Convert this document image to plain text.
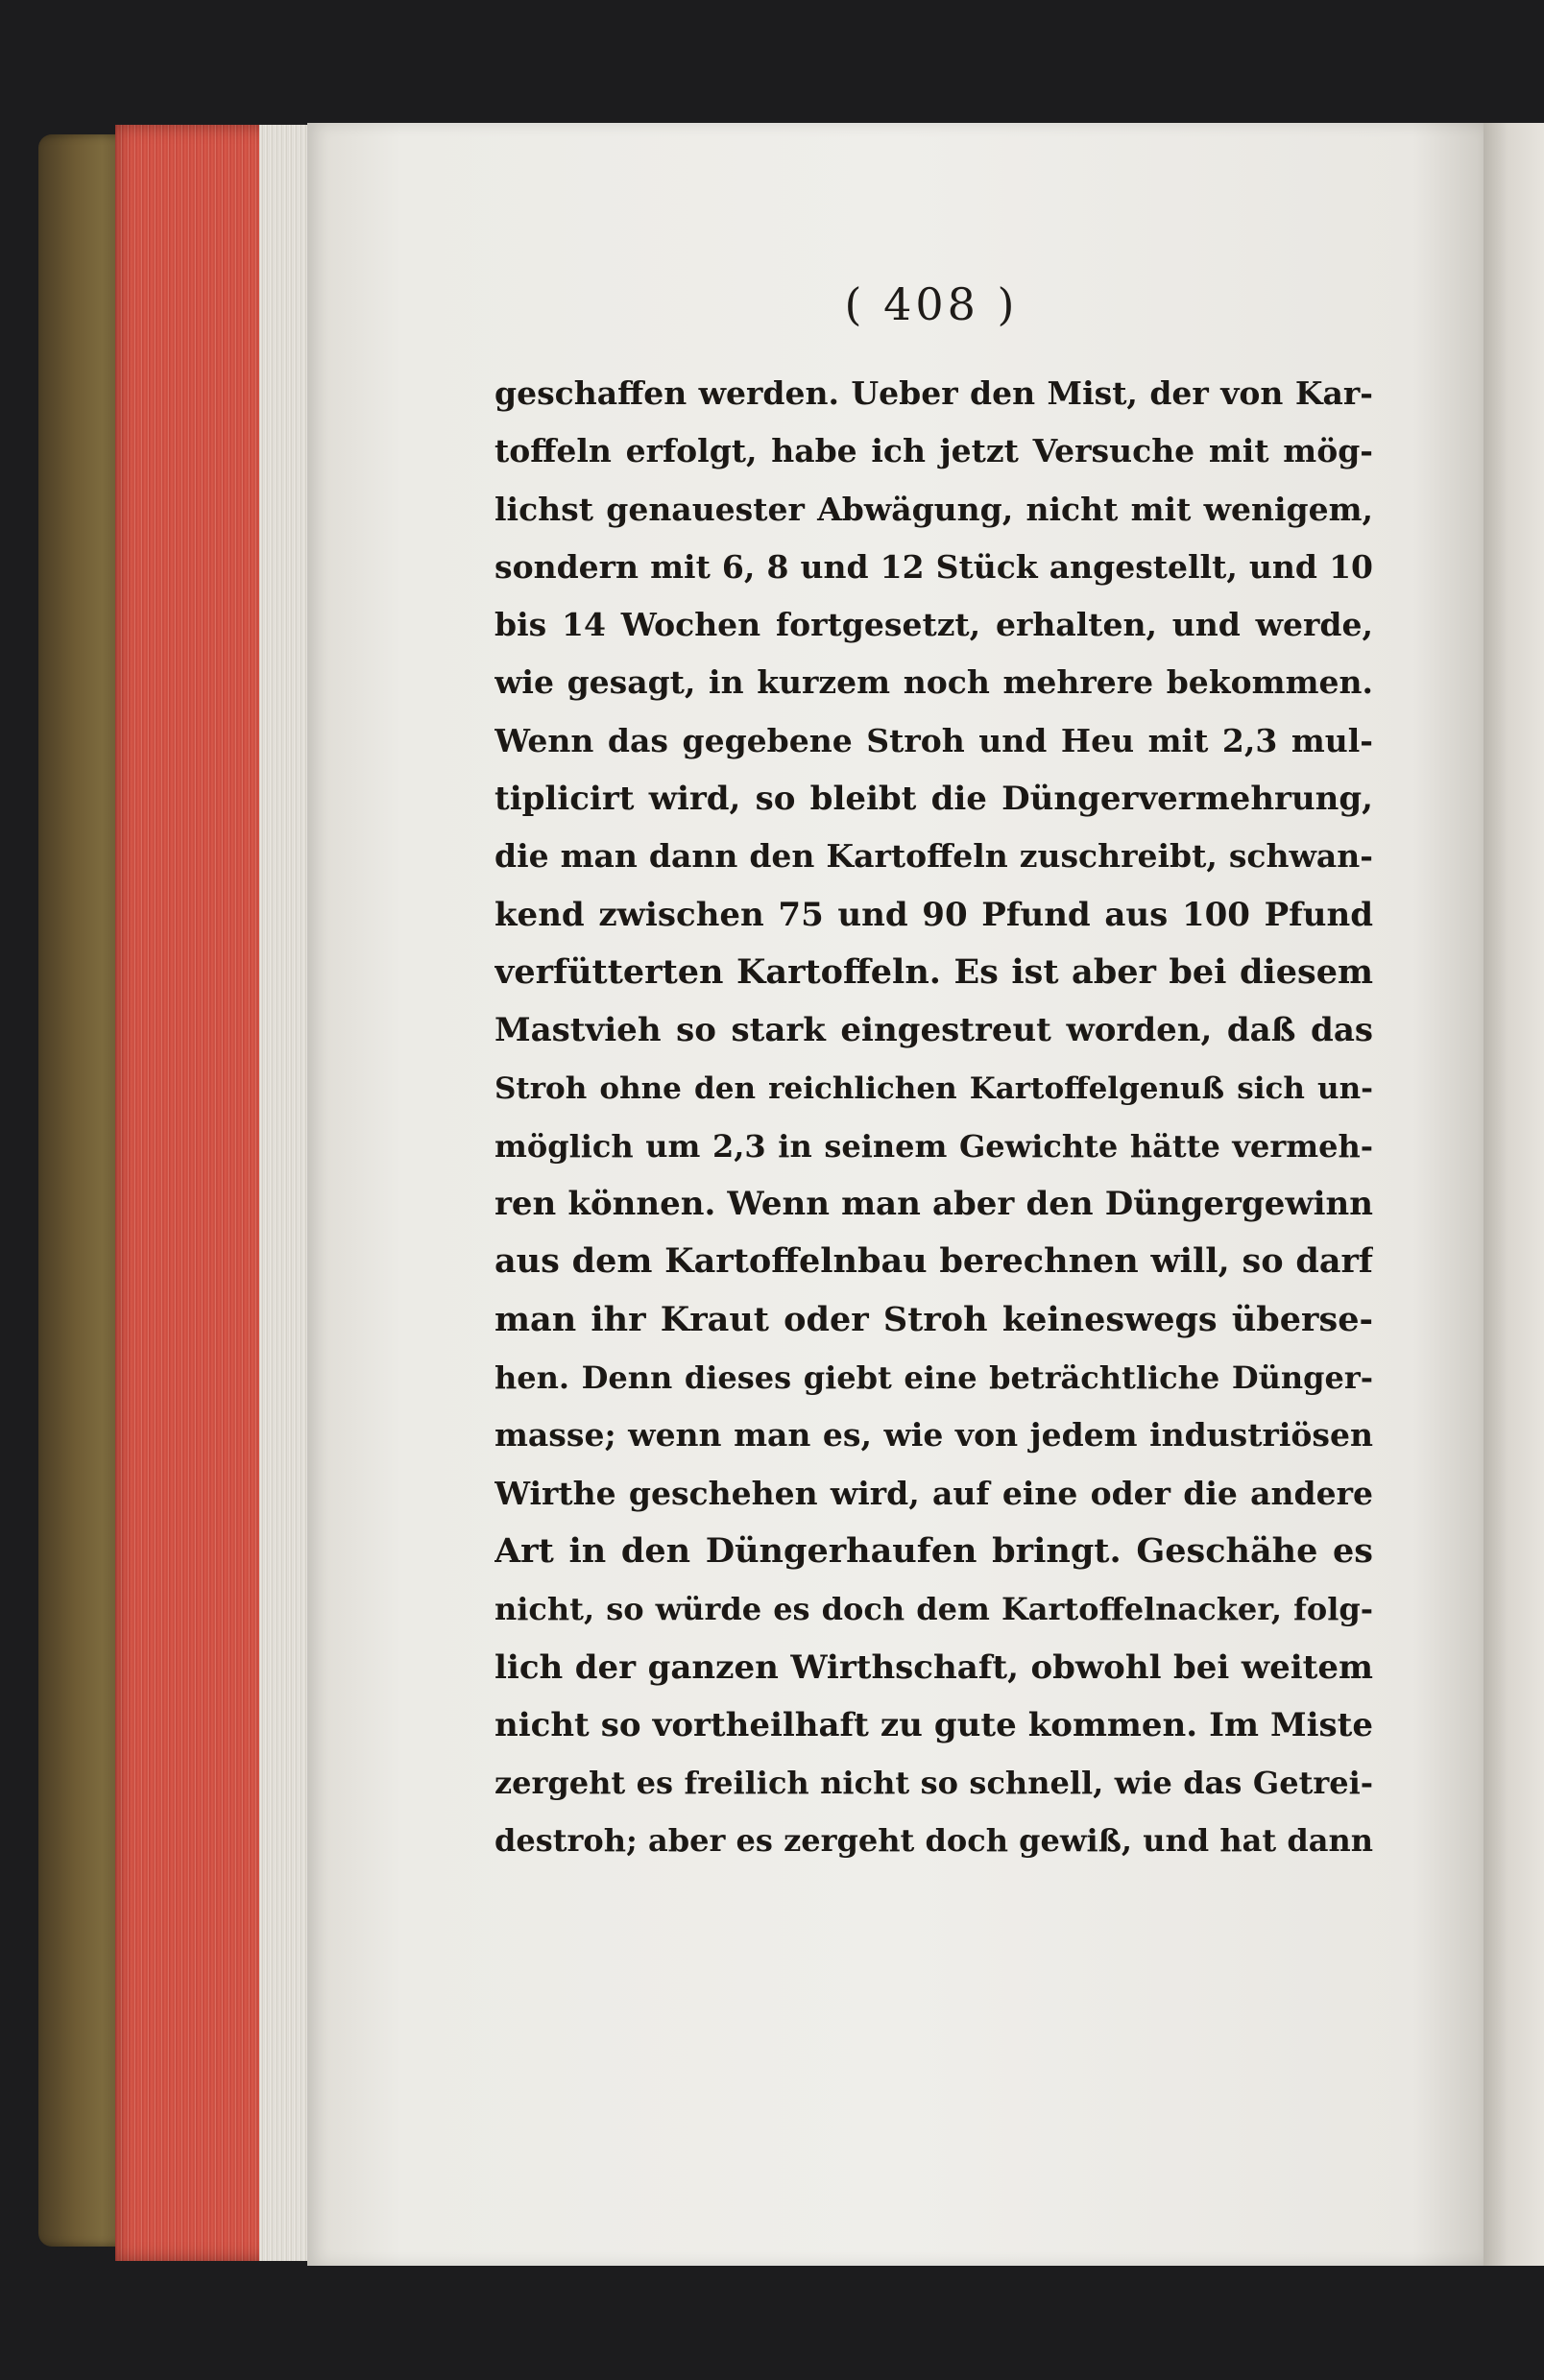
( 408 )
geschaffen werden. Ueber den Mist, der von Kar-
toffeln erfolgt, habe ich jetzt Versuche mit mög-
lichst genauester Abwägung, nicht mit wenigem,
sondern mit 6, 8 und 12 Stück angestellt, und 10
bis 14 Wochen fortgesetzt, erhalten, und werde,
wie gesagt, in kurzem noch mehrere bekommen.
Wenn das gegebene Stroh und Heu mit 2,3 mul-
tiplicirt wird, so bleibt die Düngervermehrung,
die man dann den Kartoffeln zuschreibt, schwan-
kend zwischen 75 und 90 Pfund aus 100 Pfund
verfütterten Kartoffeln. Es ist aber bei diesem
Mastvieh so stark eingestreut worden, daß das
Stroh ohne den reichlichen Kartoffelgenuß sich un-
möglich um 2,3 in seinem Gewichte hätte vermeh-
ren können. Wenn man aber den Düngergewinn
aus dem Kartoffelnbau berechnen will, so darf
man ihr Kraut oder Stroh keineswegs überse-
hen. Denn dieses giebt eine beträchtliche Dünger-
masse; wenn man es, wie von jedem industriösen
Wirthe geschehen wird, auf eine oder die andere
Art in den Düngerhaufen bringt. Geschähe es
nicht, so würde es doch dem Kartoffelnacker, folg-
lich der ganzen Wirthschaft, obwohl bei weitem
nicht so vortheilhaft zu gute kommen. Im Miste
zergeht es freilich nicht so schnell, wie das Getrei-
destroh; aber es zergeht doch gewiß, und hat dann
